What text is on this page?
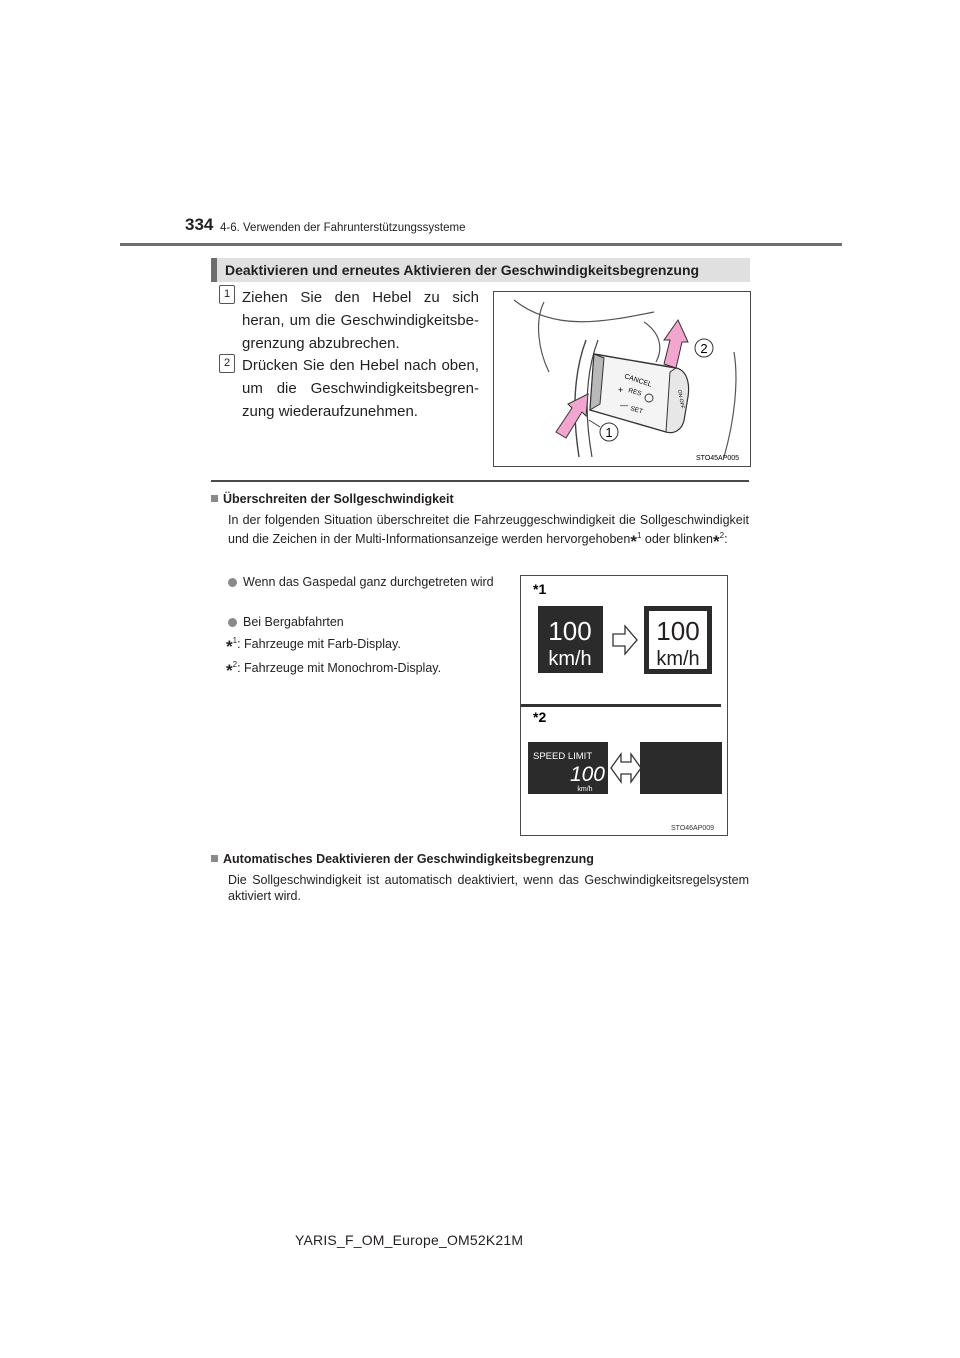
334 4-6. Verwenden der Fahrunterstützungssysteme
Deaktivieren und erneutes Aktivieren der Geschwindigkeitsbegrenzung
1 Ziehen Sie den Hebel zu sich heran, um die Geschwindigkeitsbegrenzung abzubrechen.
2 Drücken Sie den Hebel nach oben, um die Geschwindigkeitsbegrenzung wiederaufzunehmen.
CANCEL
+ RES
— SET
ON·OFF
2
1
STO45AP005
Überschreiten der Sollgeschwindigkeit
In der folgenden Situation überschreitet die Fahrzeuggeschwindigkeit die Sollgeschwindigkeit und die Zeichen in der Multi-Informationsanzeige werden hervorgehoben*$^1$ oder blinken*$^2$:
Wenn das Gaspedal ganz durchgetreten wird
Bei Bergabfahrten
*$^1$: Fahrzeuge mit Farb-Display.
*$^2$: Fahrzeuge mit Monochrom-Display.
*1
100
km/h
100
km/h
*2
SPEED LIMIT
100
km/h
STO46AP009
Automatisches Deaktivieren der Geschwindigkeitsbegrenzung
Die Sollgeschwindigkeit ist automatisch deaktiviert, wenn das Geschwindigkeitsregelsystem aktiviert wird.
YARIS_F_OM_Europe_OM52K21M
